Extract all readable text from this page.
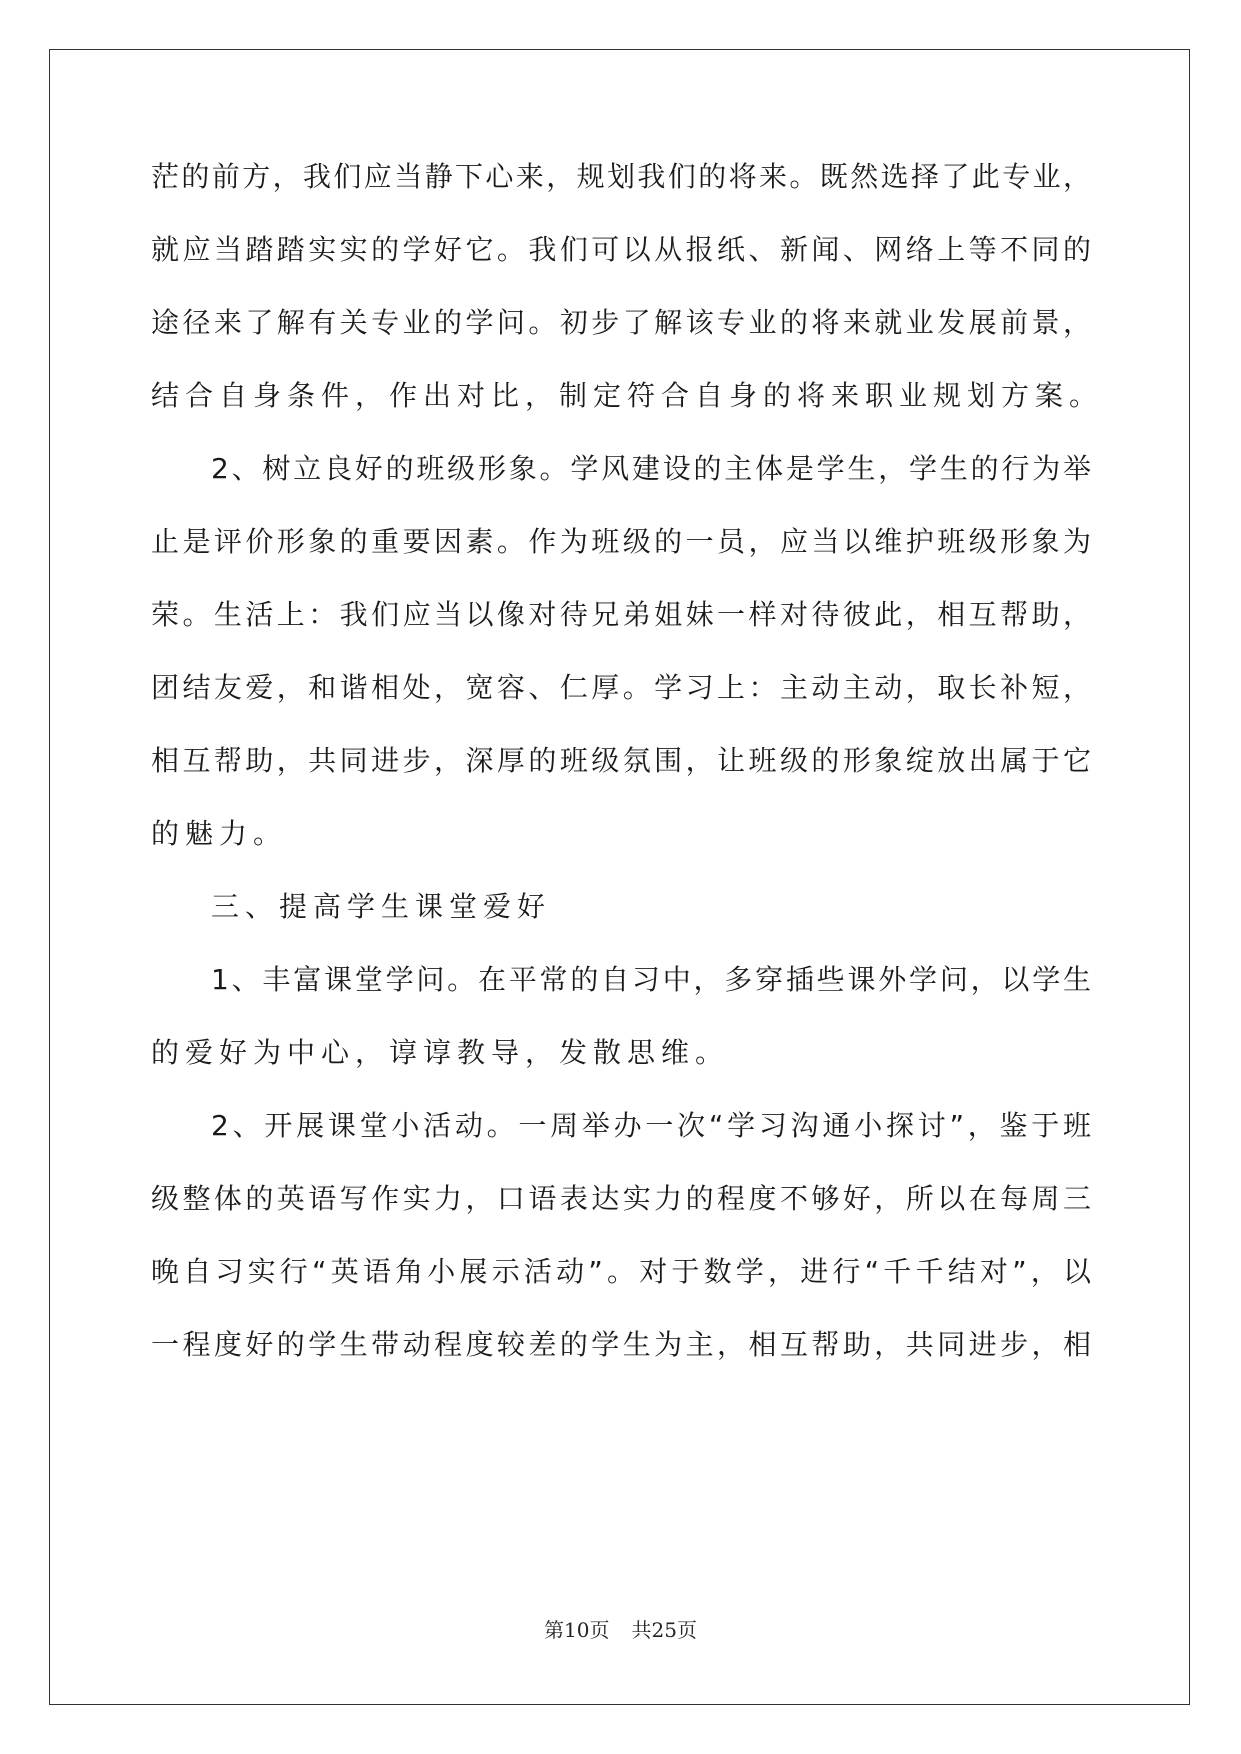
茫的前方，我们应当静下心来，规划我们的将来。既然选择了此专业，
就应当踏踏实实的学好它。我们可以从报纸、新闻、网络上等不同的
途径来了解有关专业的学问。初步了解该专业的将来就业发展前景，
结合自身条件，作出对比，制定符合自身的将来职业规划方案。
2、树立良好的班级形象。学风建设的主体是学生，学生的行为举
止是评价形象的重要因素。作为班级的一员，应当以维护班级形象为
荣。生活上：我们应当以像对待兄弟姐妹一样对待彼此，相互帮助，
团结友爱，和谐相处，宽容、仁厚。学习上：主动主动，取长补短，
相互帮助，共同进步，深厚的班级氛围，让班级的形象绽放出属于它
的魅力。
三、提高学生课堂爱好
1、丰富课堂学问。在平常的自习中，多穿插些课外学问，以学生
的爱好为中心，谆谆教导，发散思维。
2、开展课堂小活动。一周举办一次“学习沟通小探讨”，鉴于班
级整体的英语写作实力，口语表达实力的程度不够好，所以在每周三
晚自习实行“英语角小展示活动”。对于数学，进行“千千结对”，以
一程度好的学生带动程度较差的学生为主，相互帮助，共同进步，相
第10页 共25页
